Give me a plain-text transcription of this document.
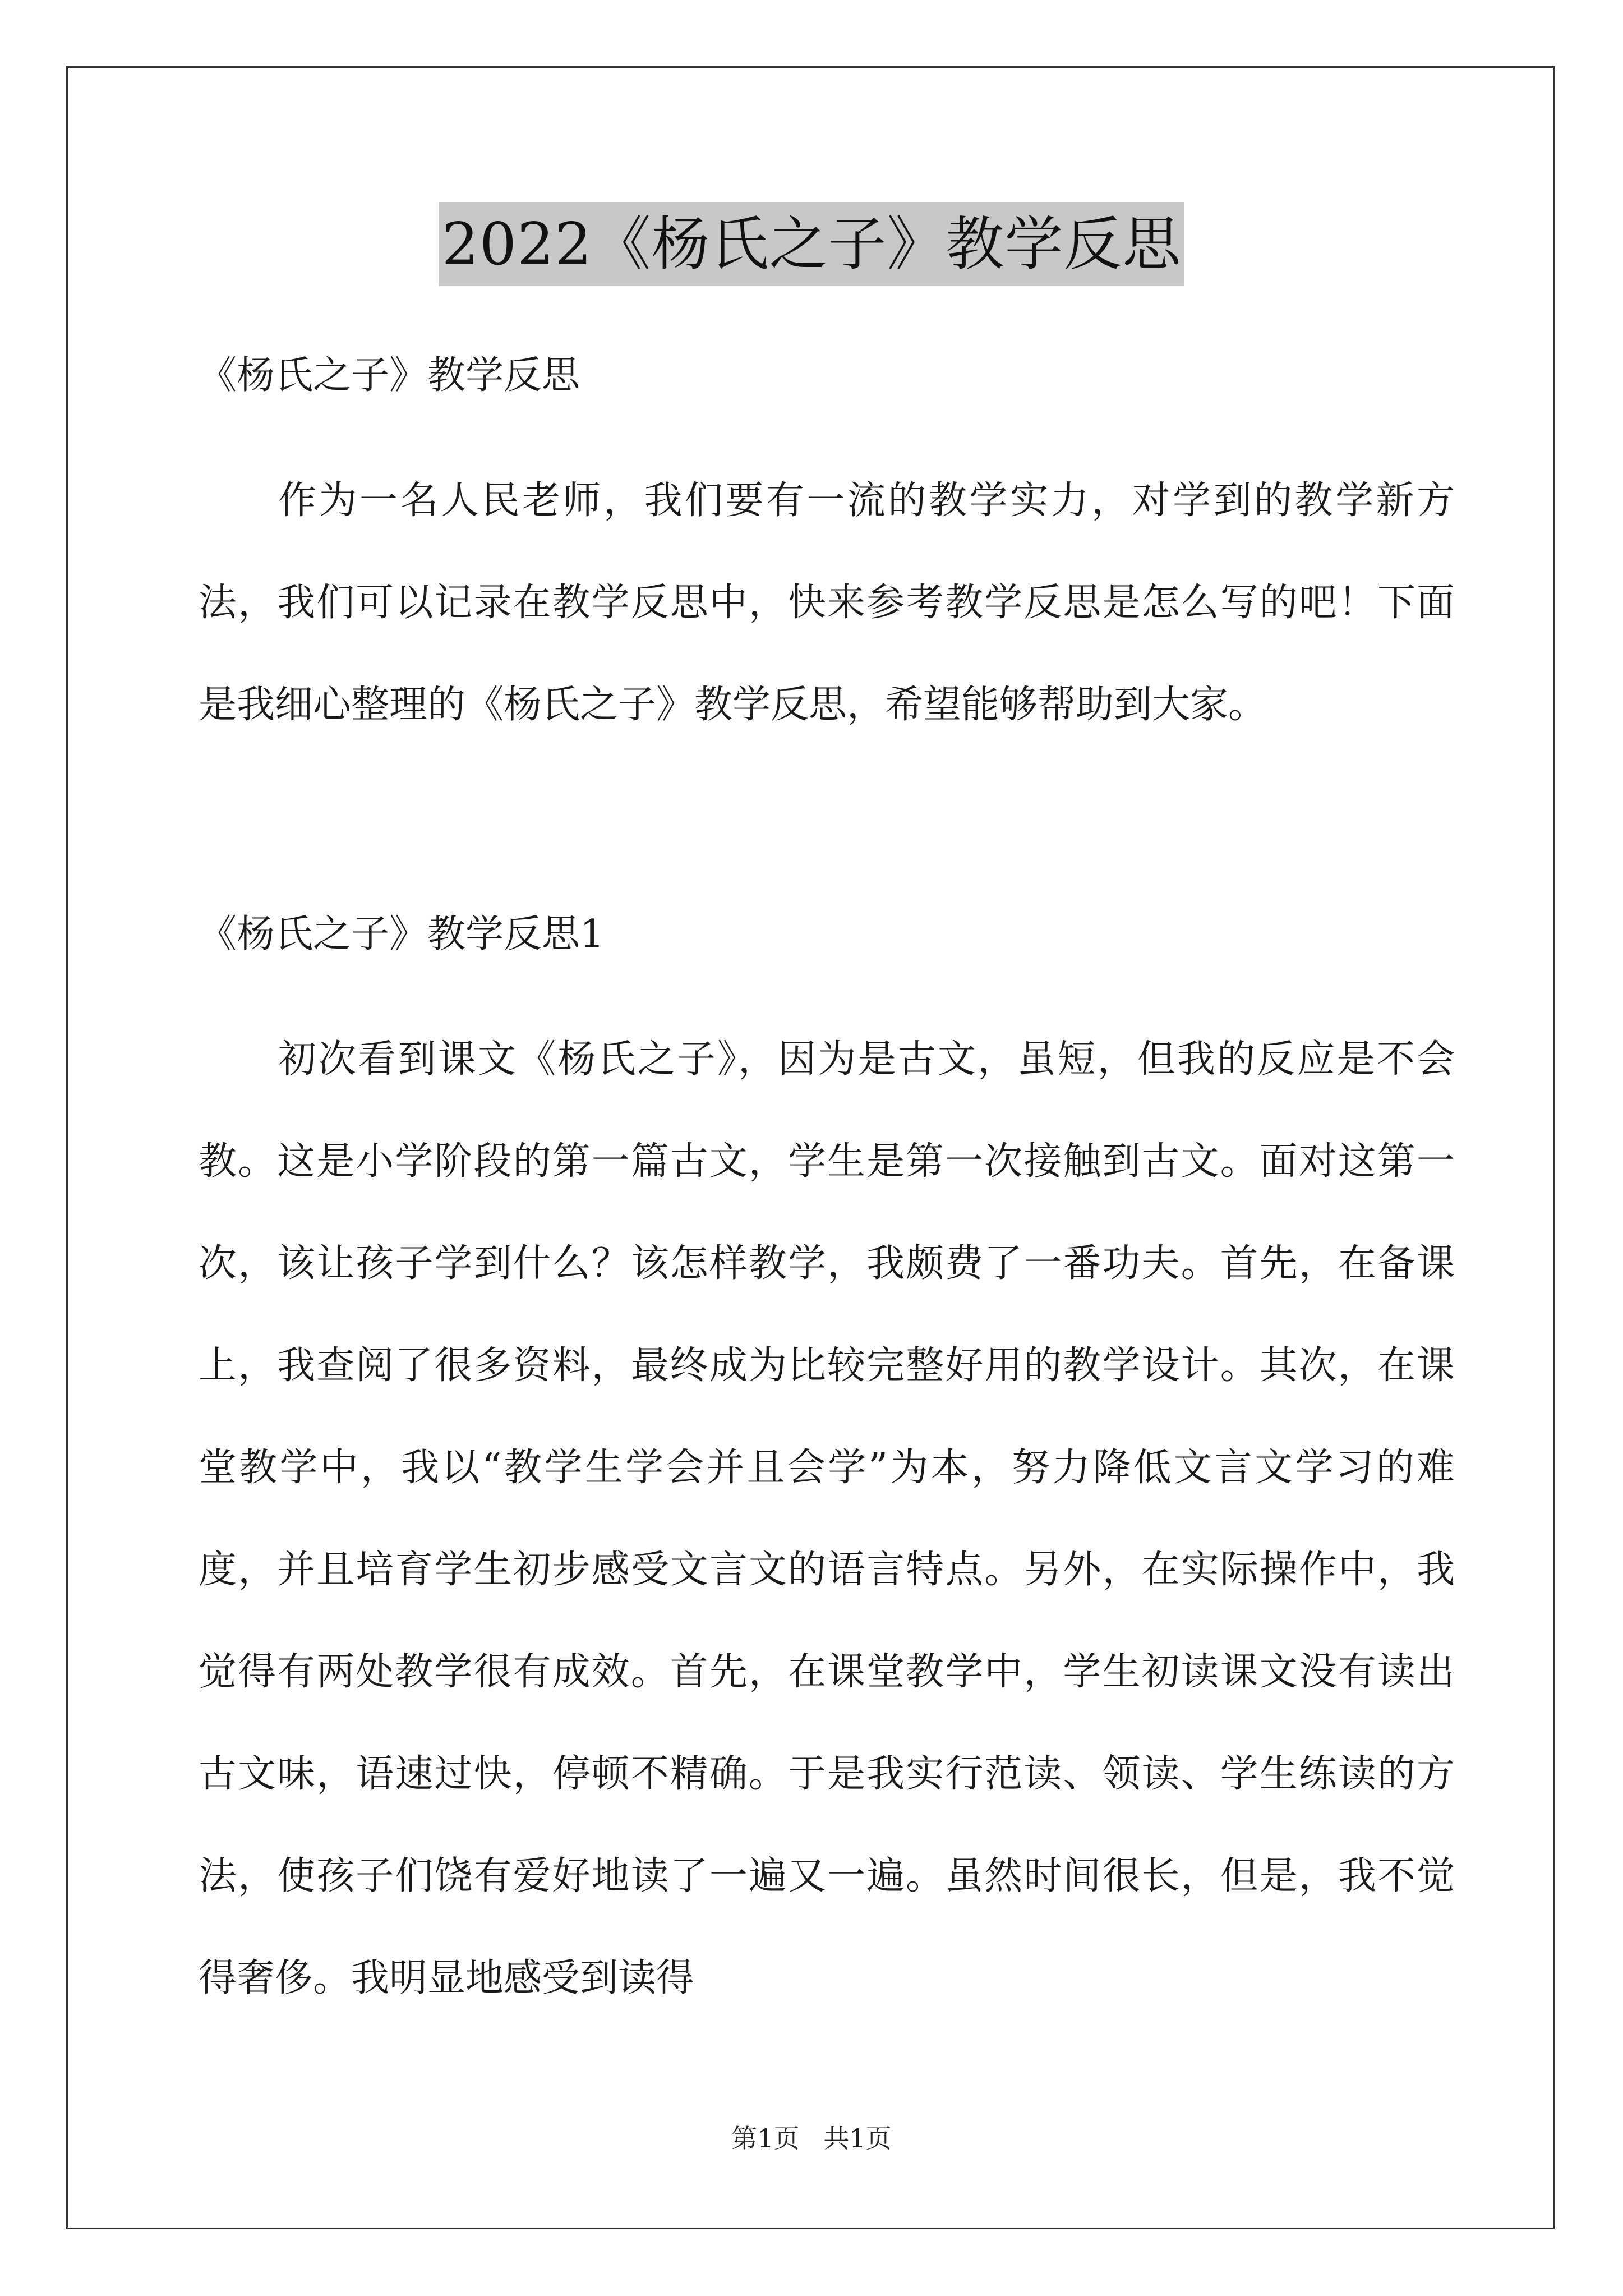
2022《杨氏之子》教学反思
《杨氏之子》教学反思

作为一名人民老师，我们要有一流的教学实力，对学到的教学新方法，我们可以记录在教学反思中，快来参考教学反思是怎么写的吧！下面是我细心整理的《杨氏之子》教学反思，希望能够帮助到大家。

《杨氏之子》教学反思1

初次看到课文《杨氏之子》，因为是古文，虽短，但我的反应是不会教。这是小学阶段的第一篇古文，学生是第一次接触到古文。面对这第一次，该让孩子学到什么？该怎样教学，我颇费了一番功夫。首先，在备课上，我查阅了很多资料，最终成为比较完整好用的教学设计。其次，在课堂教学中，我以“教学生学会并且会学”为本，努力降低文言文学习的难度，并且培育学生初步感受文言文的语言特点。另外，在实际操作中，我觉得有两处教学很有成效。首先，在课堂教学中，学生初读课文没有读出古文味，语速过快，停顿不精确。于是我实行范读、领读、学生练读的方法，使孩子们饶有爱好地读了一遍又一遍。虽然时间很长，但是，我不觉得奢侈。我明显地感受到读得

第1页 共1页
